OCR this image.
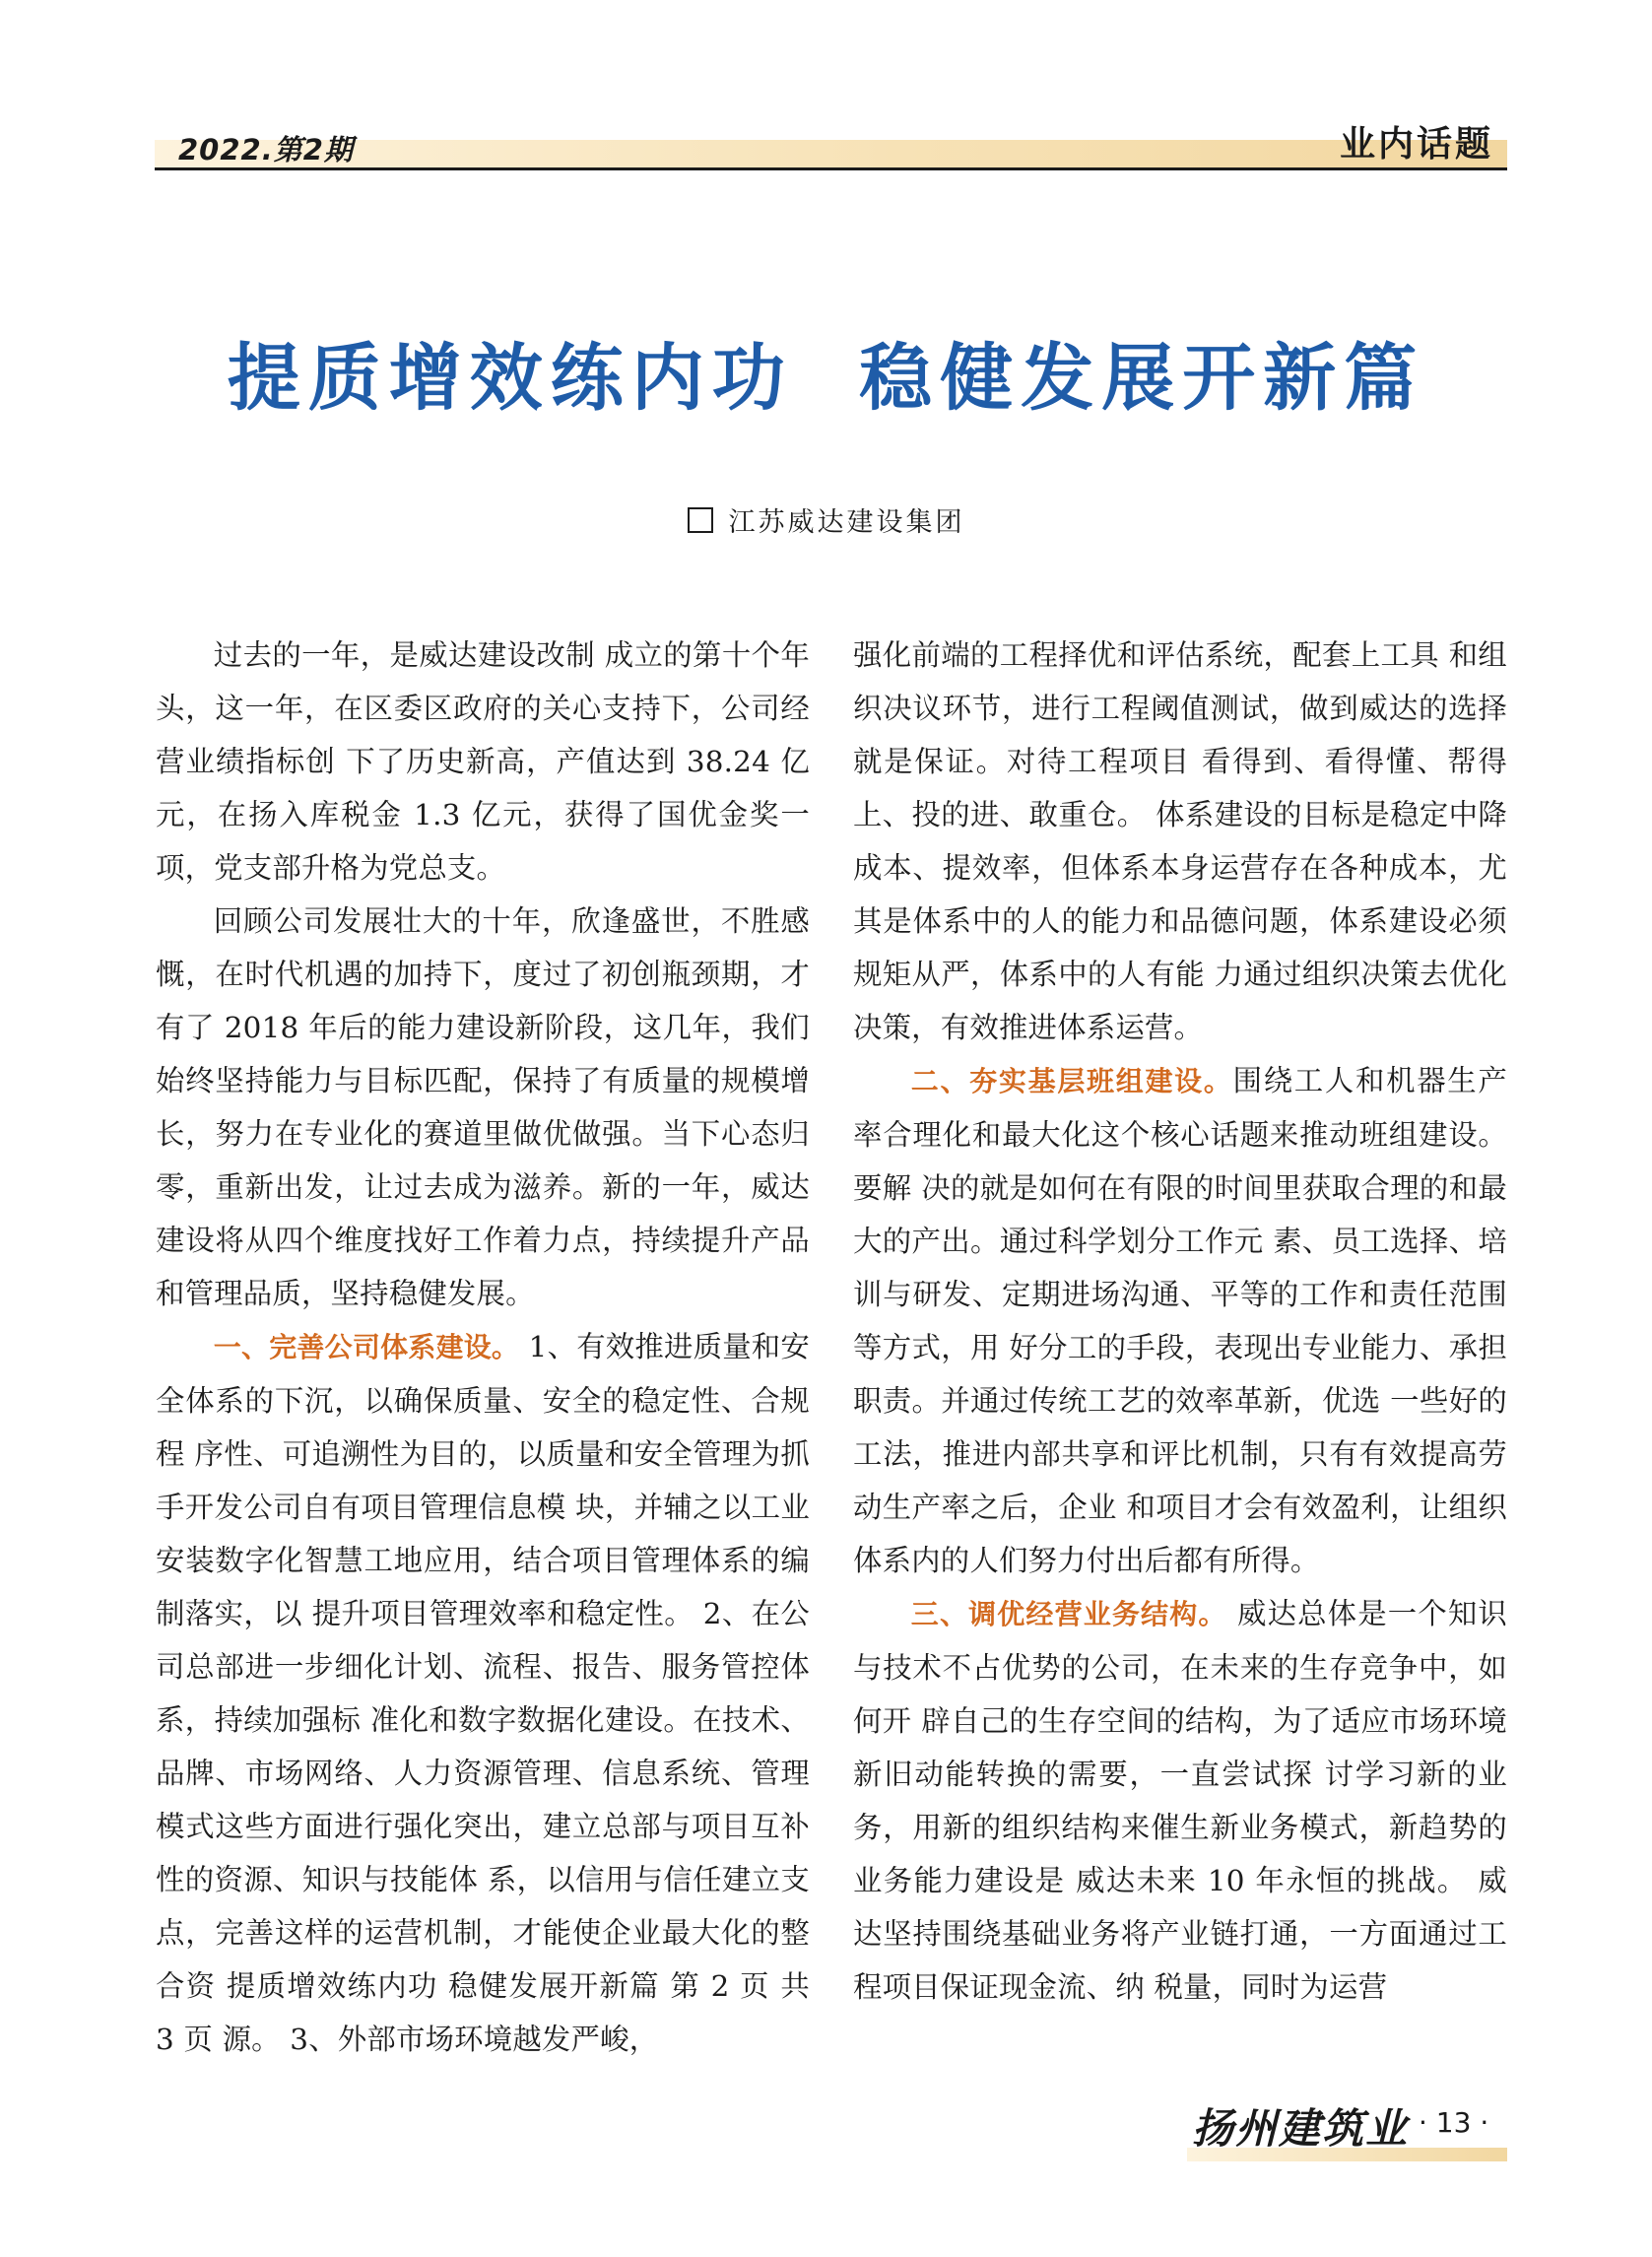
2022.第2期	业内话题
提质增效练内功  稳健发展开新篇
江苏威达建设集团

过去的一年，是威达建设改制 成立的第十个年头，这一年，在区委区政府的关心支持下，公司经营业绩指标创 下了历史新高，产值达到 38.24 亿元，在扬入库税金 1.3 亿元，获得了国优金奖一项，党支部升格为党总支。

回顾公司发展壮大的十年，欣逢盛世，不胜感慨，在时代机遇的加持下，度过了初创瓶颈期，才有了 2018 年后的能力建设新阶段，这几年，我们始终坚持能力与目标匹配，保持了有质量的规模增长，努力在专业化的赛道里做优做强。当下心态归零，重新出发，让过去成为滋养。新的一年，威达建设将从四个维度找好工作着力点，持续提升产品和管理品质，坚持稳健发展。

一、完善公司体系建设。 1、有效推进质量和安全体系的下沉，以确保质量、安全的稳定性、合规程 序性、可追溯性为目的，以质量和安全管理为抓手开发公司自有项目管理信息模 块，并辅之以工业安装数字化智慧工地应用，结合项目管理体系的编制落实，以 提升项目管理效率和稳定性。 2、在公司总部进一步细化计划、流程、报告、服务管控体系，持续加强标 准化和数字数据化建设。在技术、品牌、市场网络、人力资源管理、信息系统、管理模式这些方面进行强化突出，建立总部与项目互补性的资源、知识与技能体 系，以信用与信任建立支点，完善这样的运营机制，才能使企业最大化的整合资 提质增效练内功 稳健发展开新篇 第 2 页 共 3 页 源。 3、外部市场环境越发严峻，

强化前端的工程择优和评估系统，配套上工具 和组织决议环节，进行工程阈值测试，做到威达的选择就是保证。对待工程项目 看得到、看得懂、帮得上、投的进、敢重仓。 体系建设的目标是稳定中降成本、提效率，但体系本身运营存在各种成本，尤其是体系中的人的能力和品德问题，体系建设必须规矩从严，体系中的人有能 力通过组织决策去优化决策，有效推进体系运营。

二、夯实基层班组建设。围绕工人和机器生产率合理化和最大化这个核心话题来推动班组建设。要解 决的就是如何在有限的时间里获取合理的和最大的产出。通过科学划分工作元 素、员工选择、培训与研发、定期进场沟通、平等的工作和责任范围等方式，用 好分工的手段，表现出专业能力、承担职责。并通过传统工艺的效率革新，优选 一些好的工法，推进内部共享和评比机制，只有有效提高劳动生产率之后，企业 和项目才会有效盈利，让组织体系内的人们努力付出后都有所得。

三、调优经营业务结构。 威达总体是一个知识与技术不占优势的公司，在未来的生存竞争中，如何开 辟自己的生存空间的结构，为了适应市场环境新旧动能转换的需要，一直尝试探 讨学习新的业务，用新的组织结构来催生新业务模式，新趋势的业务能力建设是 威达未来 10 年永恒的挑战。 威达坚持围绕基础业务将产业链打通，一方面通过工程项目保证现金流、纳 税量，同时为运营

扬州建筑业 · 13 ·
